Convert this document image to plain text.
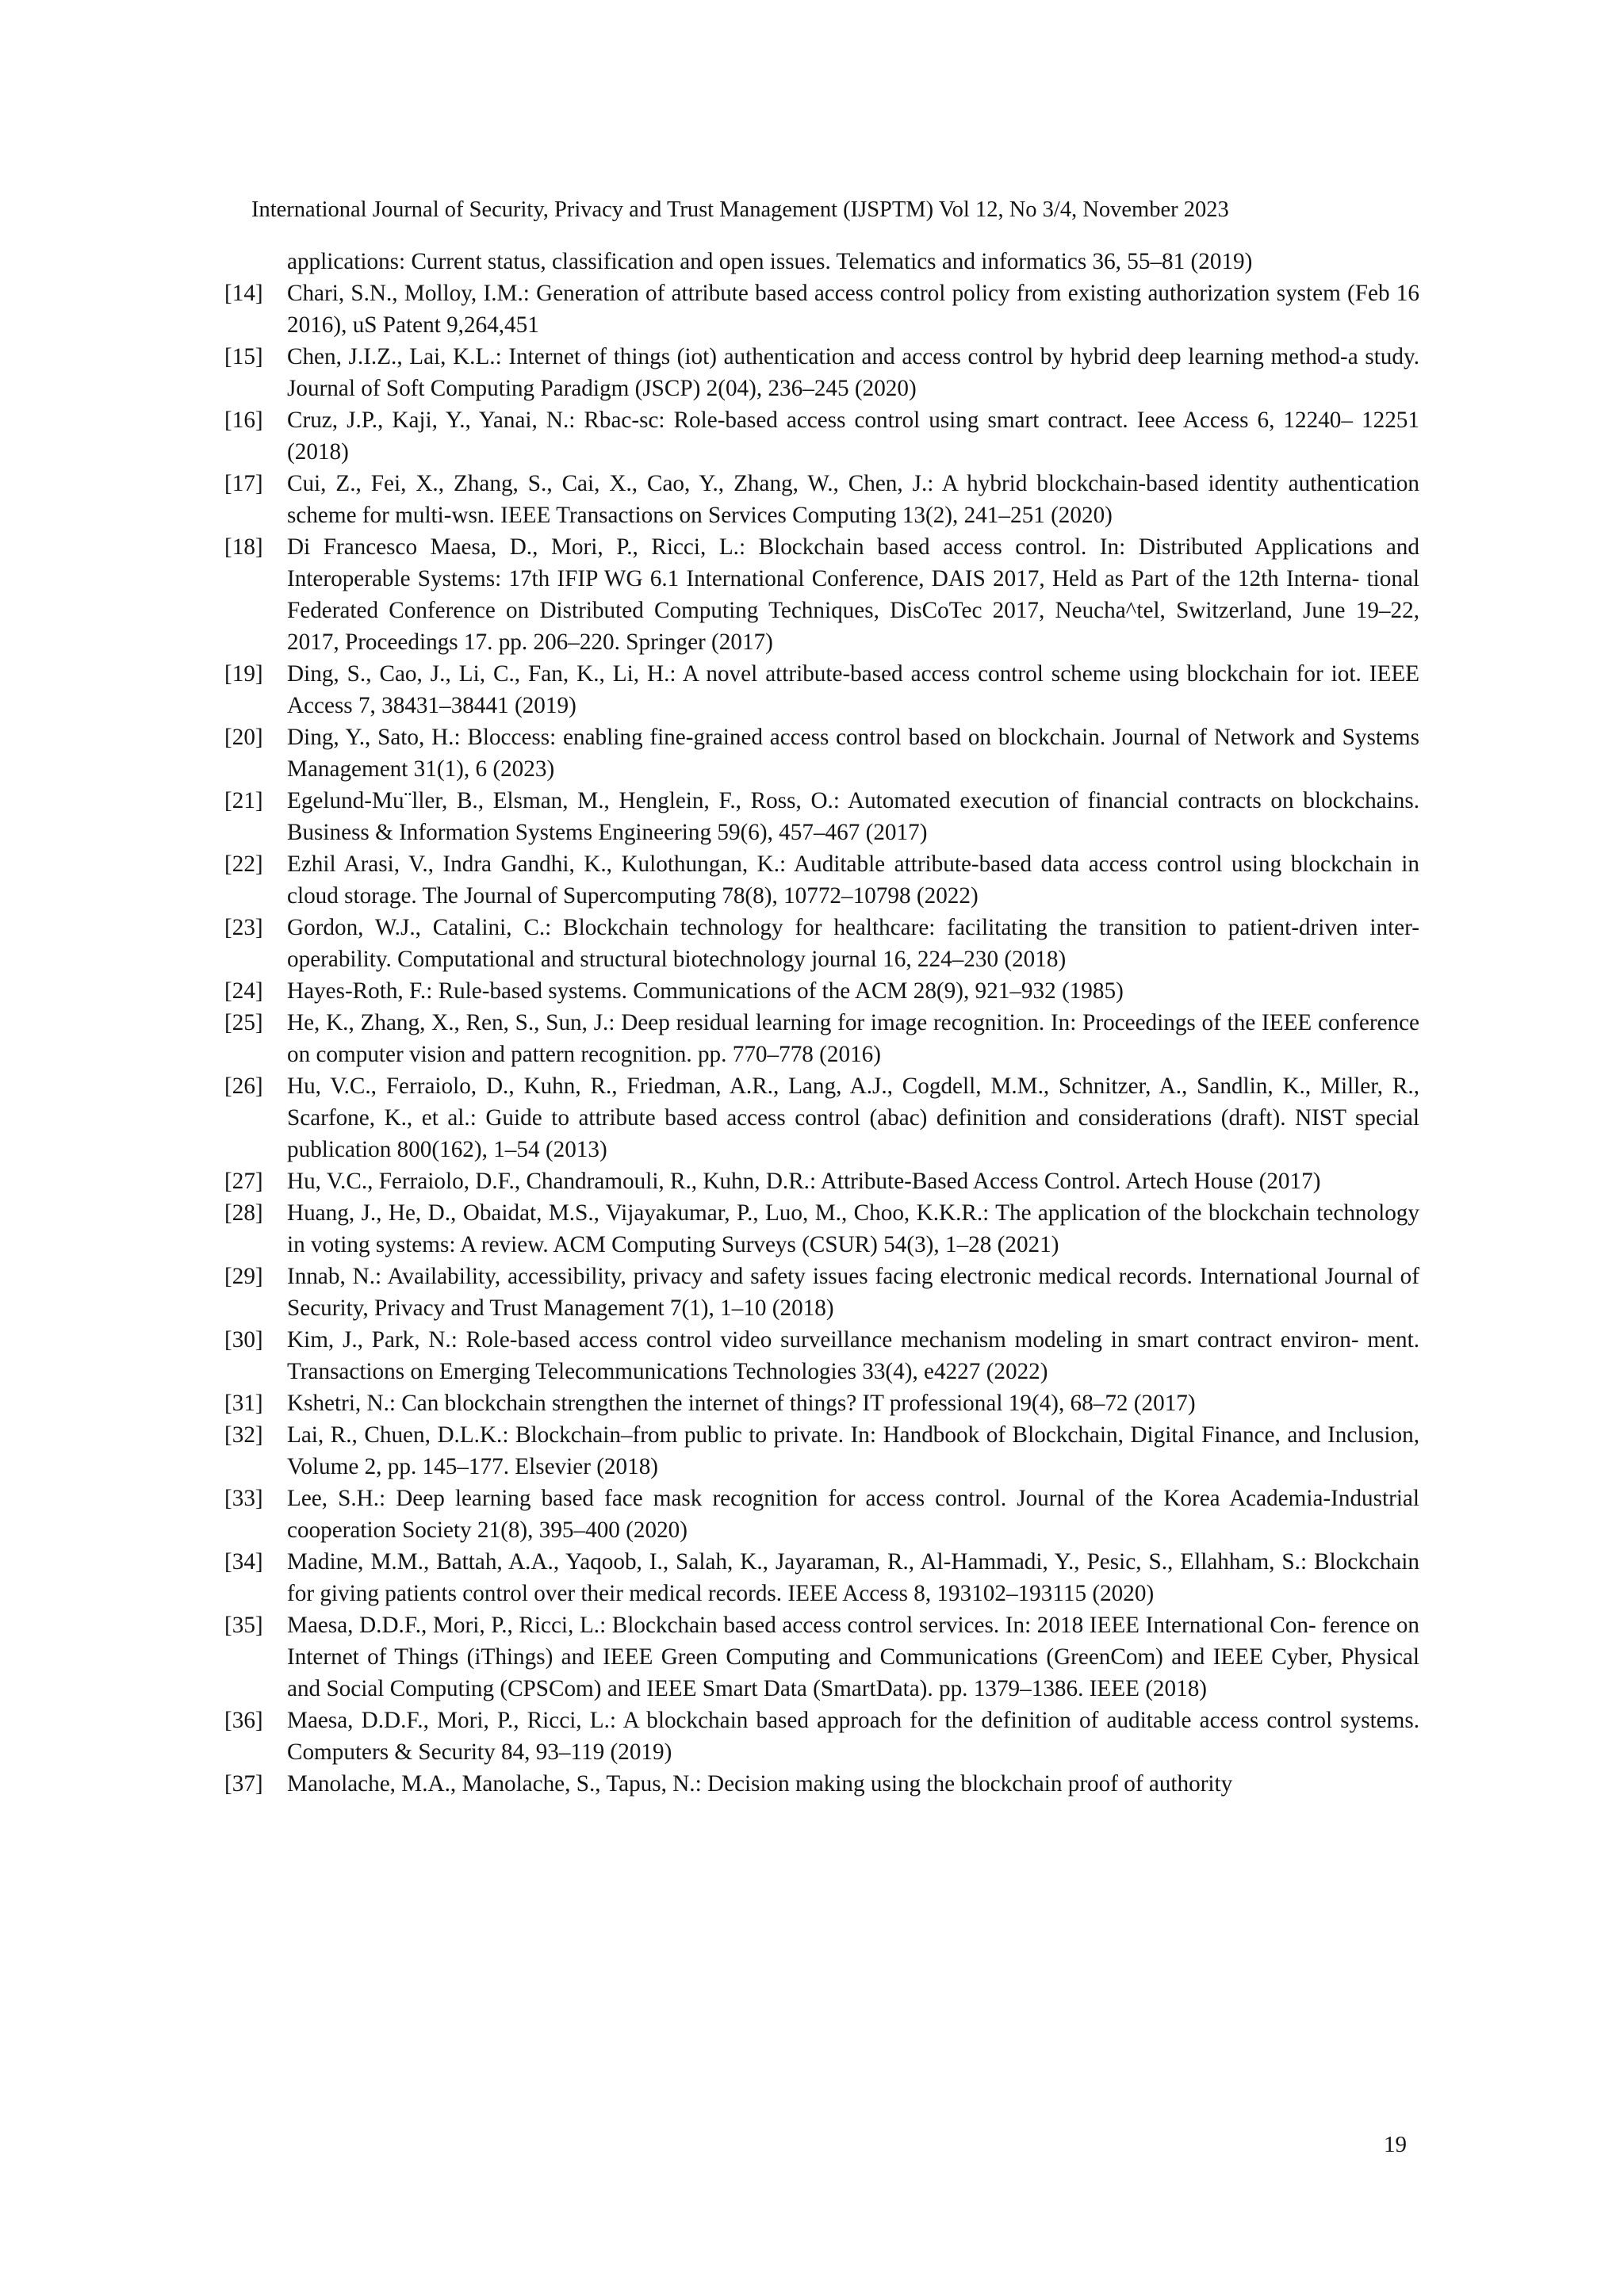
International Journal of Security, Privacy and Trust Management (IJSPTM) Vol 12, No 3/4, November 2023
applications: Current status, classification and open issues. Telematics and informatics 36, 55–81 (2019)
[14]	Chari, S.N., Molloy, I.M.: Generation of attribute based access control policy from existing authorization system (Feb 16 2016), uS Patent 9,264,451
[15]	Chen, J.I.Z., Lai, K.L.: Internet of things (iot) authentication and access control by hybrid deep learning method-a study. Journal of Soft Computing Paradigm (JSCP) 2(04), 236–245 (2020)
[16]	Cruz, J.P., Kaji, Y., Yanai, N.: Rbac-sc: Role-based access control using smart contract. Ieee Access 6, 12240– 12251 (2018)
[17]	Cui, Z., Fei, X., Zhang, S., Cai, X., Cao, Y., Zhang, W., Chen, J.: A hybrid blockchain-based identity authentication scheme for multi-wsn. IEEE Transactions on Services Computing 13(2), 241–251 (2020)
[18]	Di Francesco Maesa, D., Mori, P., Ricci, L.: Blockchain based access control. In: Distributed Applications and Interoperable Systems: 17th IFIP WG 6.1 International Conference, DAIS 2017, Held as Part of the 12th Interna- tional Federated Conference on Distributed Computing Techniques, DisCoTec 2017, Neucha^tel, Switzerland, June 19–22, 2017, Proceedings 17. pp. 206–220. Springer (2017)
[19]	Ding, S., Cao, J., Li, C., Fan, K., Li, H.: A novel attribute-based access control scheme using blockchain for iot. IEEE Access 7, 38431–38441 (2019)
[20]	Ding, Y., Sato, H.: Bloccess: enabling fine-grained access control based on blockchain. Journal of Network and Systems Management 31(1), 6 (2023)
[21]	Egelund-Mu¨ller, B., Elsman, M., Henglein, F., Ross, O.: Automated execution of financial contracts on blockchains. Business & Information Systems Engineering 59(6), 457–467 (2017)
[22]	Ezhil Arasi, V., Indra Gandhi, K., Kulothungan, K.: Auditable attribute-based data access control using blockchain in cloud storage. The Journal of Supercomputing 78(8), 10772–10798 (2022)
[23]	Gordon, W.J., Catalini, C.: Blockchain technology for healthcare: facilitating the transition to patient-driven inter- operability. Computational and structural biotechnology journal 16, 224–230 (2018)
[24]	Hayes-Roth, F.: Rule-based systems. Communications of the ACM 28(9), 921–932 (1985)
[25]	He, K., Zhang, X., Ren, S., Sun, J.: Deep residual learning for image recognition. In: Proceedings of the IEEE conference on computer vision and pattern recognition. pp. 770–778 (2016)
[26]	Hu, V.C., Ferraiolo, D., Kuhn, R., Friedman, A.R., Lang, A.J., Cogdell, M.M., Schnitzer, A., Sandlin, K., Miller, R., Scarfone, K., et al.: Guide to attribute based access control (abac) definition and considerations (draft). NIST special publication 800(162), 1–54 (2013)
[27]	Hu, V.C., Ferraiolo, D.F., Chandramouli, R., Kuhn, D.R.: Attribute-Based Access Control. Artech House (2017)
[28]	Huang, J., He, D., Obaidat, M.S., Vijayakumar, P., Luo, M., Choo, K.K.R.: The application of the blockchain technology in voting systems: A review. ACM Computing Surveys (CSUR) 54(3), 1–28 (2021)
[29]	Innab, N.: Availability, accessibility, privacy and safety issues facing electronic medical records. International Journal of Security, Privacy and Trust Management 7(1), 1–10 (2018)
[30]	Kim, J., Park, N.: Role-based access control video surveillance mechanism modeling in smart contract environ- ment. Transactions on Emerging Telecommunications Technologies 33(4), e4227 (2022)
[31]	Kshetri, N.: Can blockchain strengthen the internet of things? IT professional 19(4), 68–72 (2017)
[32]	Lai, R., Chuen, D.L.K.: Blockchain–from public to private. In: Handbook of Blockchain, Digital Finance, and Inclusion, Volume 2, pp. 145–177. Elsevier (2018)
[33]	Lee, S.H.: Deep learning based face mask recognition for access control. Journal of the Korea Academia-Industrial cooperation Society 21(8), 395–400 (2020)
[34]	Madine, M.M., Battah, A.A., Yaqoob, I., Salah, K., Jayaraman, R., Al-Hammadi, Y., Pesic, S., Ellahham, S.: Blockchain for giving patients control over their medical records. IEEE Access 8, 193102–193115 (2020)
[35]	Maesa, D.D.F., Mori, P., Ricci, L.: Blockchain based access control services. In: 2018 IEEE International Con- ference on Internet of Things (iThings) and IEEE Green Computing and Communications (GreenCom) and IEEE Cyber, Physical and Social Computing (CPSCom) and IEEE Smart Data (SmartData). pp. 1379–1386. IEEE (2018)
[36]	Maesa, D.D.F., Mori, P., Ricci, L.: A blockchain based approach for the definition of auditable access control systems. Computers & Security 84, 93–119 (2019)
[37]	Manolache, M.A., Manolache, S., Tapus, N.: Decision making using the blockchain proof of authority
19
